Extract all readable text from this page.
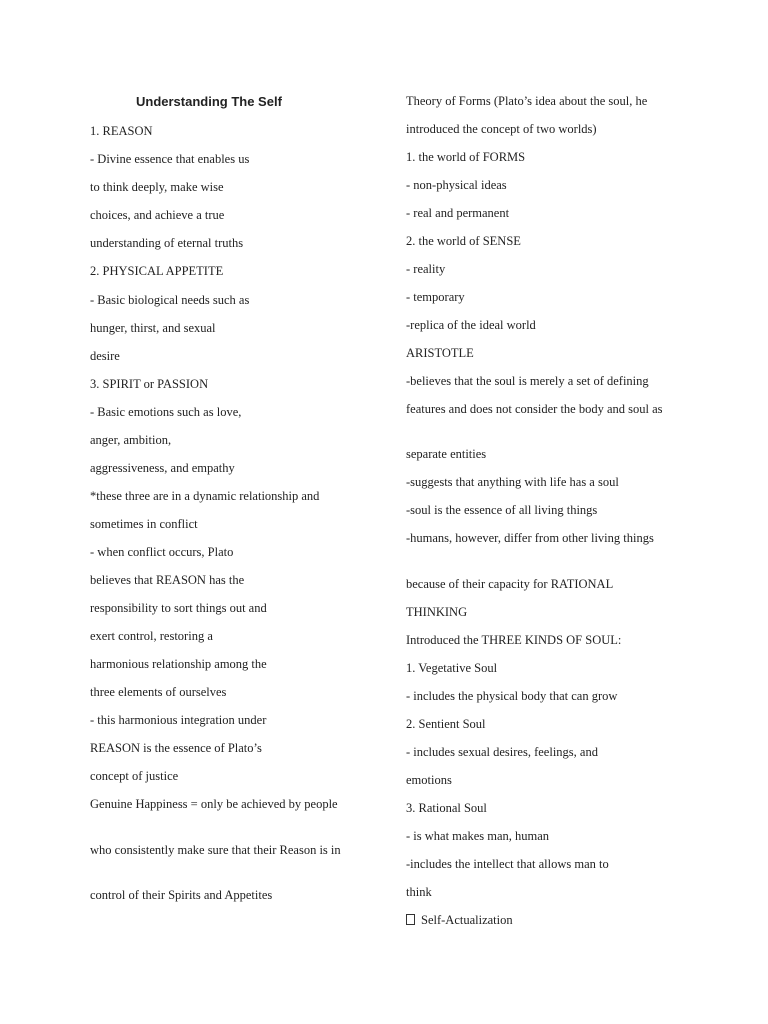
Understanding The Self
1. REASON
- Divine essence that enables us
to think deeply, make wise
choices, and achieve a true
understanding of eternal truths
2. PHYSICAL APPETITE
- Basic biological needs such as
hunger, thirst, and sexual
desire
3. SPIRIT or PASSION
- Basic emotions such as love,
anger, ambition,
aggressiveness, and empathy
*these three are in a dynamic relationship and
sometimes in conflict
- when conflict occurs, Plato
believes that REASON has the
responsibility to sort things out and
exert control, restoring a
harmonious relationship among the
three elements of ourselves
- this harmonious integration under
REASON is the essence of Plato’s
concept of justice
Genuine Happiness = only be achieved by people
who consistently make sure that their Reason is in
control of their Spirits and Appetites
Theory of Forms (Plato’s idea about the soul, he
introduced the concept of two worlds)
1. the world of FORMS
- non-physical ideas
- real and permanent
2. the world of SENSE
- reality
- temporary
-replica of the ideal world
ARISTOTLE
-believes that the soul is merely a set of defining
features and does not consider the body and soul as
separate entities
-suggests that anything with life has a soul
-soul is the essence of all living things
-humans, however, differ from other living things
because of their capacity for RATIONAL
THINKING
Introduced the THREE KINDS OF SOUL:
1. Vegetative Soul
- includes the physical body that can grow
2. Sentient Soul
- includes sexual desires, feelings, and
emotions
3. Rational Soul
- is what makes man, human
-includes the intellect that allows man to
think
Self-Actualization
